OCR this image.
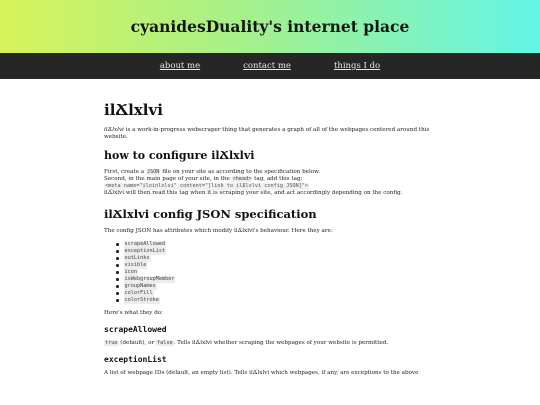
cyanidesDuality's internet place
about me	contact me	things I do
ilՃlxlvi

ilՃlxlvi is a work-in-progress webscraper thing that generates a graph of all of the webpages centered around this website.

how to configure ilՃlxlvi

First, create a JSON file on your site as according to the specification below.
Second, in the main page of your site, in the <head> tag, add this tag:
<meta name="iloinlxlvi" content="[link to ilՃlxlvi config JSON]">
ilՃlxlvi will then read this tag when it is scraping your site, and act accordingly depending on the config.

ilՃlxlvi config JSON specification

The config JSON has attributes which modify ilՃlxlvi's behaviour. Here they are:

scrapeAllowed
exceptionList
outLinks
visible
icon
isWebgroupMember
groupNames
colorFill
colorStroke

Here's what they do:

scrapeAllowed

true (default), or false. Tells ilՃlxlvi whether scraping the webpages of your website is permitted.

exceptionList

A list of webpage IDs (default, an empty list). Tells ilՃlxlvi which webpages, if any, are exceptions to the above
